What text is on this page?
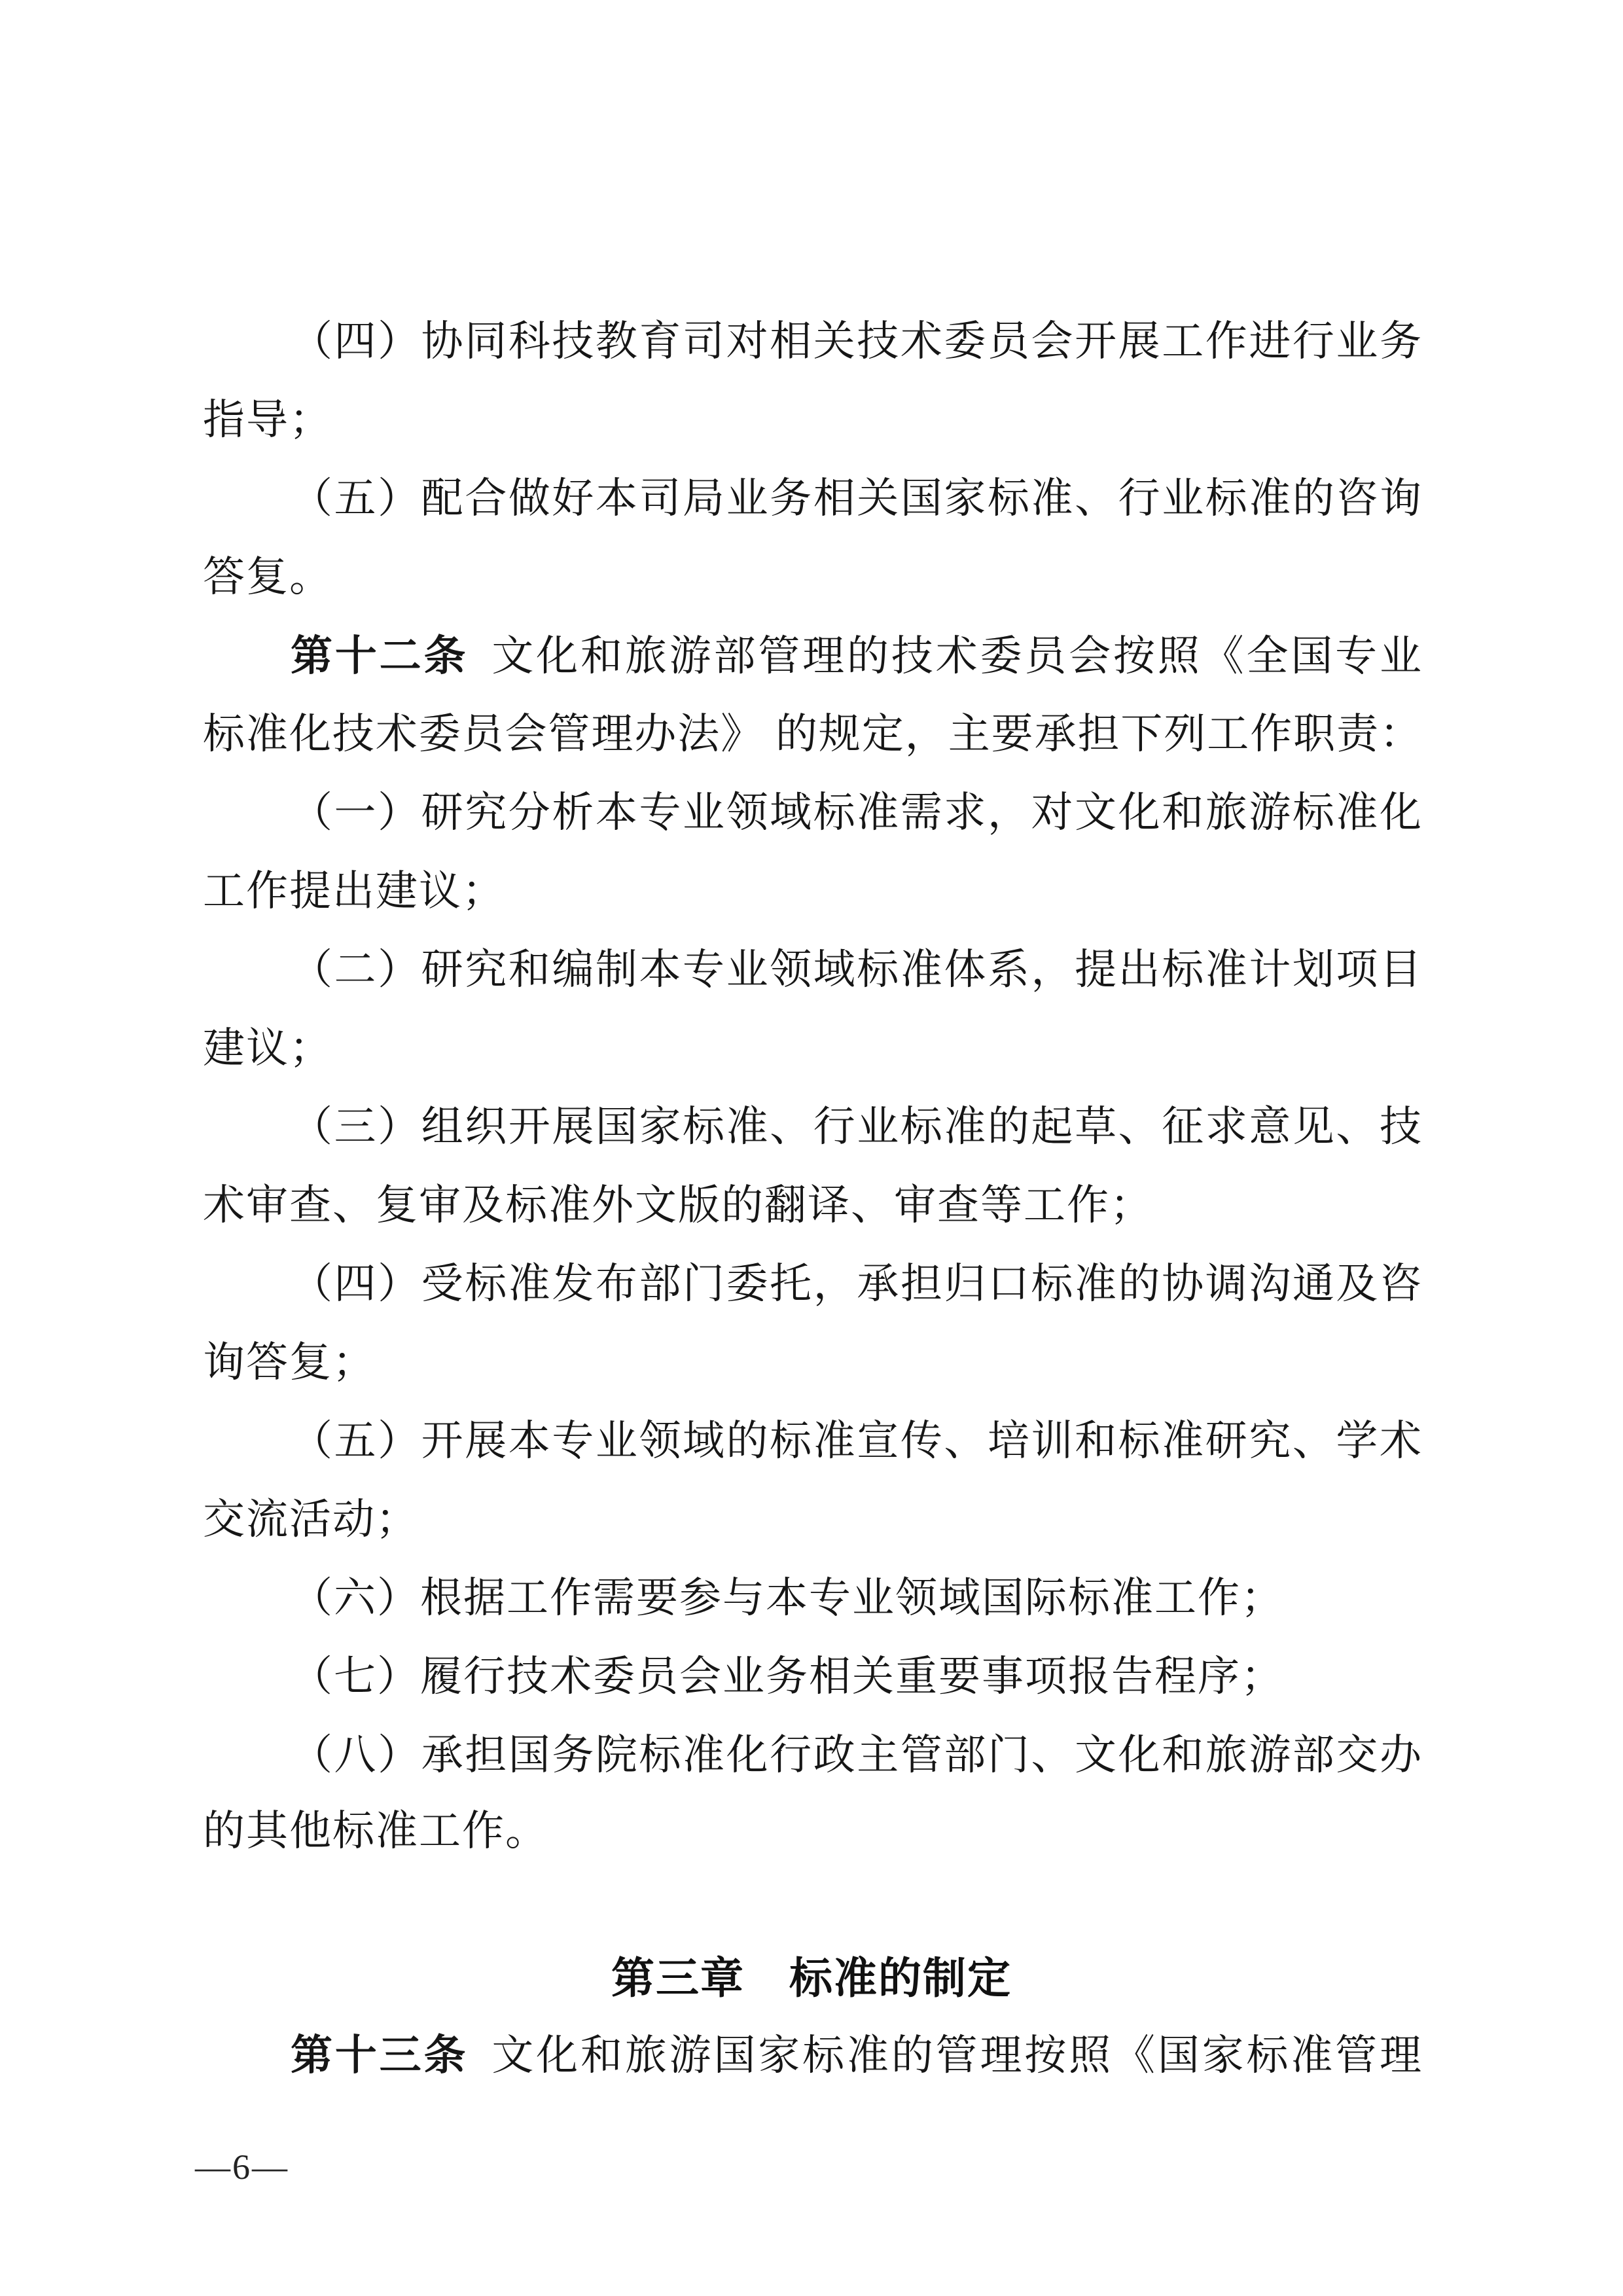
（四）协同科技教育司对相关技术委员会开展工作进行业务
指导；
（五）配合做好本司局业务相关国家标准、行业标准的咨询
答复。
第十二条 文化和旅游部管理的技术委员会按照《全国专业
标准化技术委员会管理办法》 的规定，主要承担下列工作职责：
（一）研究分析本专业领域标准需求，对文化和旅游标准化
工作提出建议；
（二）研究和编制本专业领域标准体系，提出标准计划项目
建议；
（三）组织开展国家标准、行业标准的起草、征求意见、技
术审查、复审及标准外文版的翻译、审查等工作；
（四）受标准发布部门委托，承担归口标准的协调沟通及咨
询答复；
（五）开展本专业领域的标准宣传、培训和标准研究、学术
交流活动；
（六）根据工作需要参与本专业领域国际标准工作；
（七）履行技术委员会业务相关重要事项报告程序；
（八）承担国务院标准化行政主管部门、文化和旅游部交办
的其他标准工作。
第三章　标准的制定
第十三条 文化和旅游国家标准的管理按照《国家标准管理
—6—
